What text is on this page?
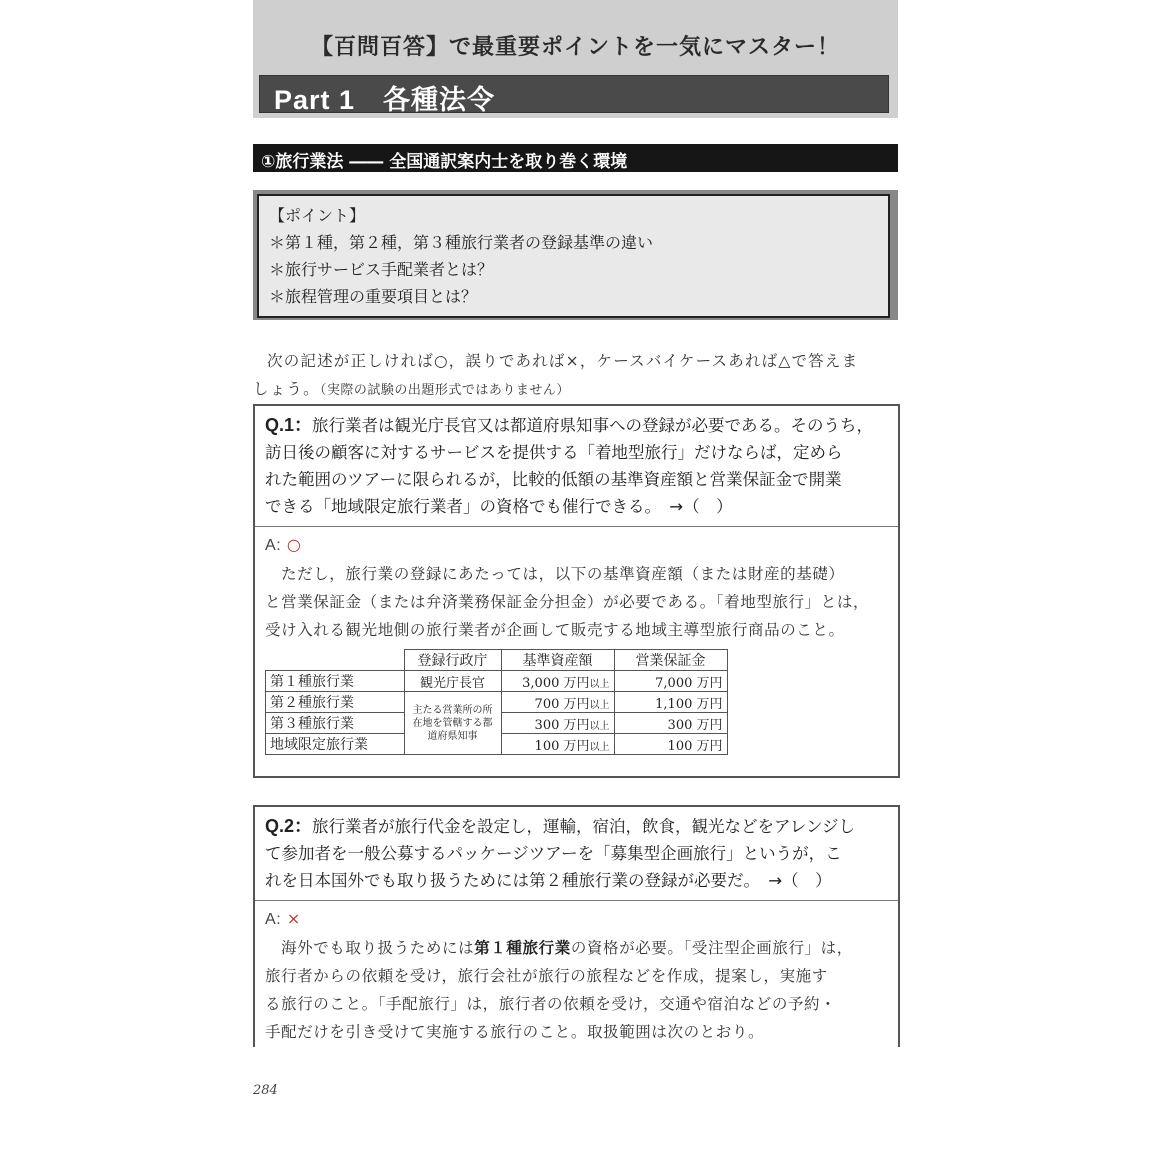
【百問百答】で最重要ポイントを一気にマスター！
Part 1　各種法令
①旅行業法 ―― 全国通訳案内士を取り巻く環境
【ポイント】
＊第１種，第２種，第３種旅行業者の登録基準の違い
＊旅行サービス手配業者とは？
＊旅程管理の重要項目とは？
次の記述が正しければ○，誤りであれば×，ケースバイケースあれば△で答えま
しょう。（実際の試験の出題形式ではありません）
Q.1：旅行業者は観光庁長官又は都道府県知事への登録が必要である。そのうち，
訪日後の顧客に対するサービスを提供する「着地型旅行」だけならば，定めら
れた範囲のツアーに限られるが，比較的低額の基準資産額と営業保証金で開業
できる「地域限定旅行業者」の資格でも催行できる。　→（　）
A: ○
ただし，旅行業の登録にあたっては，以下の基準資産額（または財産的基礎）
と営業保証金（または弁済業務保証金分担金）が必要である。「着地型旅行」とは，
受け入れる観光地側の旅行業者が企画して販売する地域主導型旅行商品のこと。
	登録行政庁	基準資産額	営業保証金
第１種旅行業	観光庁長官	3,000 万円以上	7,000 万円
第２種旅行業	主たる営業所の所在地を管轄する都道府県知事	700 万円以上	1,100 万円
第３種旅行業		300 万円以上	300 万円
地域限定旅行業		100 万円以上	100 万円
Q.2：旅行業者が旅行代金を設定し，運輸，宿泊，飲食，観光などをアレンジし
て参加者を一般公募するパッケージツアーを「募集型企画旅行」というが，こ
れを日本国外でも取り扱うためには第２種旅行業の登録が必要だ。　→（　）
A: ×
海外でも取り扱うためには第１種旅行業の資格が必要。「受注型企画旅行」は，
旅行者からの依頼を受け，旅行会社が旅行の旅程などを作成，提案し，実施す
る旅行のこと。「手配旅行」は，旅行者の依頼を受け，交通や宿泊などの予約・
手配だけを引き受けて実施する旅行のこと。取扱範囲は次のとおり。
284
